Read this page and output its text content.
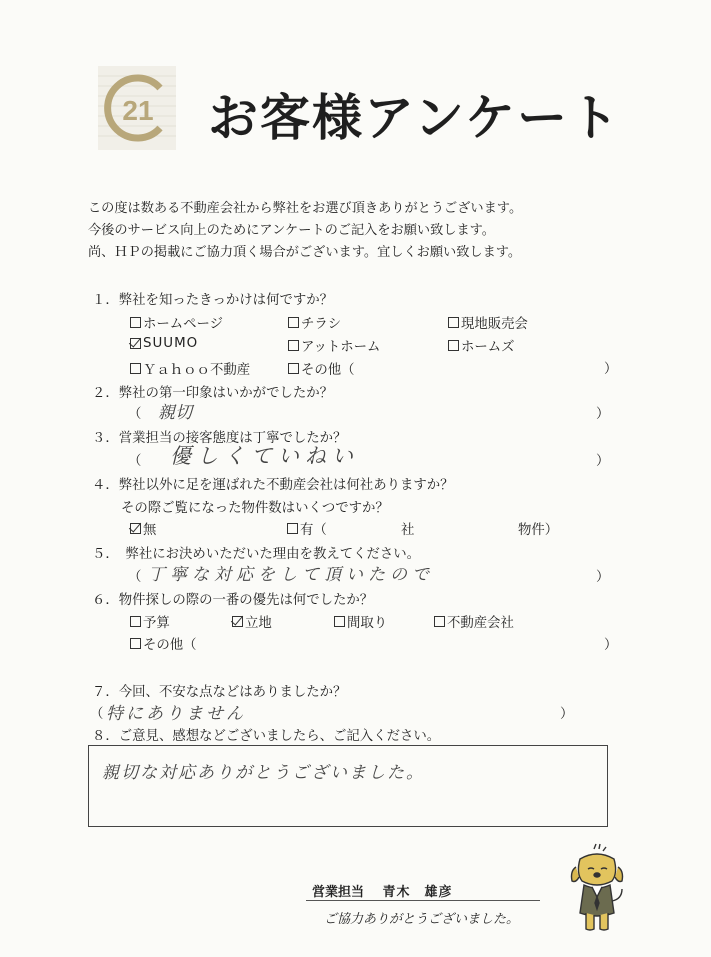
21 お客様アンケート
この度は数ある不動産会社から弊社をお選び頂きありがとうございます。
今後のサービス向上のためにアンケートのご記入をお願い致します。
尚、ＨＰの掲載にご協力頂く場合がございます。宜しくお願い致します。
１．弊社を知ったきっかけは何ですか？
ホームページ	チラシ	現地販売会
SUUMO	アットホーム	ホームズ
Ｙａｈｏｏ不動産	その他（	）
２．弊社の第一印象はいかがでしたか？
（ 親切	）
３．営業担当の接客態度は丁寧でしたか？
（ 優しくていねい	）
４．弊社以外に足を運ばれた不動産会社は何社ありますか？
その際ご覧になった物件数はいくつですか？
無	有（	社	物件）
５．　弊社にお決めいただいた理由を教えてください。
（ 丁寧な対応をして頂いたので	）
６．物件探しの際の一番の優先は何でしたか？
予算	立地	間取り	不動産会社
その他（	）
７．今回、不安な点などはありましたか？
（ 特にありません	）
８．ご意見、感想などございましたら、ご記入ください。
親切な対応ありがとうございました。
営業担当 青木　雄彦
ご協力ありがとうございました。
